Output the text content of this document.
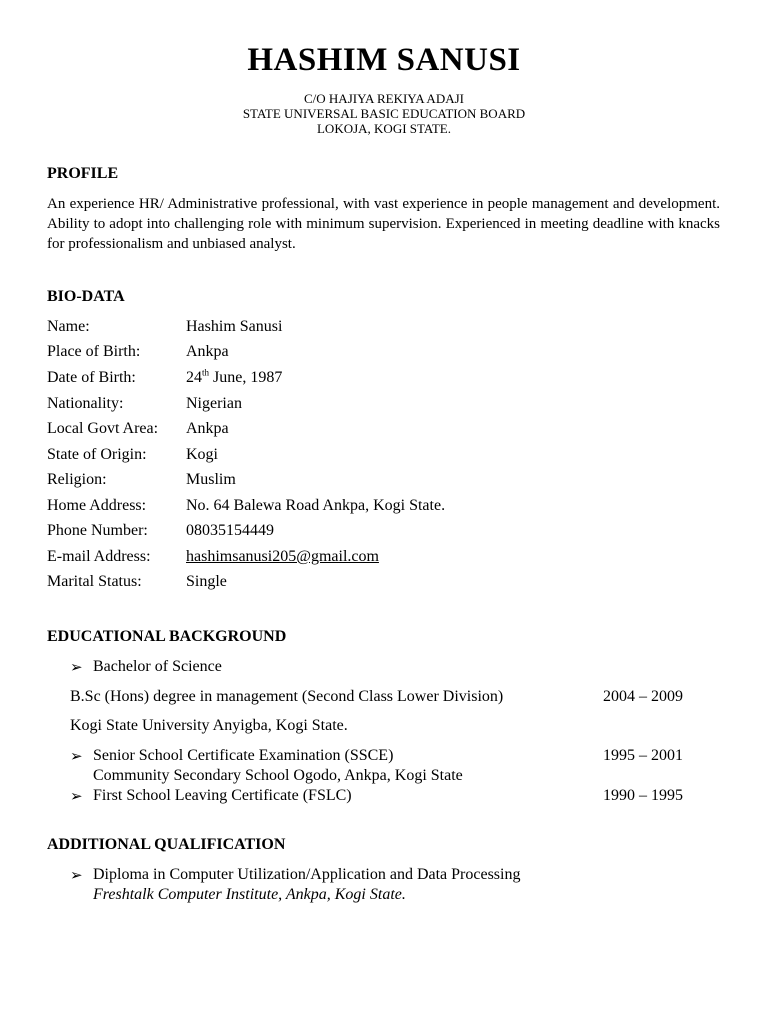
HASHIM SANUSI
C/O HAJIYA REKIYA ADAJI
STATE UNIVERSAL BASIC EDUCATION BOARD
LOKOJA, KOGI STATE.
PROFILE
An experience HR/ Administrative professional, with vast experience in people management and development. Ability to adopt into challenging role with minimum supervision. Experienced in meeting deadline with knacks for professionalism and unbiased analyst.
BIO-DATA
Name:	Hashim Sanusi
Place of Birth:	Ankpa
Date of Birth:	24th June, 1987
Nationality:	Nigerian
Local Govt Area: Ankpa
State of Origin: Kogi
Religion:	Muslim
Home Address: No. 64 Balewa Road Ankpa, Kogi State.
Phone Number: 08035154449
E-mail Address: hashimsanusi205@gmail.com
Marital Status:	Single
EDUCATIONAL BACKGROUND
➢ Bachelor of Science
B.Sc (Hons) degree in management (Second Class Lower Division)	2004 – 2009
Kogi State University Anyigba, Kogi State.
➢ Senior School Certificate Examination (SSCE)	1995 – 2001
Community Secondary School Ogodo, Ankpa, Kogi State
➢ First School Leaving Certificate (FSLC)	1990 – 1995
ADDITIONAL QUALIFICATION
➢ Diploma in Computer Utilization/Application and Data Processing
Freshtalk Computer Institute, Ankpa, Kogi State.
